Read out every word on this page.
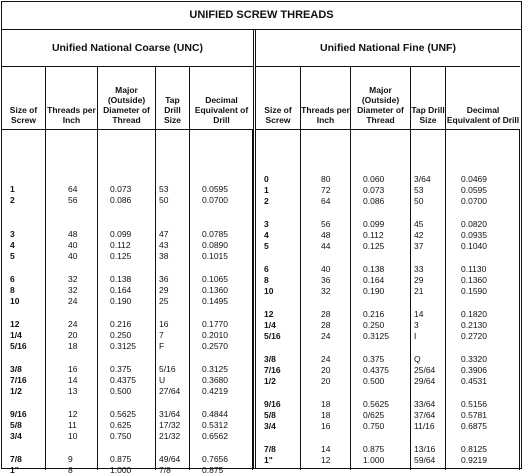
UNIFIED SCREW THREADS
Unified National Coarse (UNC)
Size of Screw
Threads per Inch
Major (Outside) Diameter of Thread
Tap Drill Size
Decimal Equivalent of Drill
1	64	0.073	53	0.0595
2	56	0.086	50	0.0700
3	48	0.099	47	0.0785
4	40	0.112	43	0.0890
5	40	0.125	38	0.1015
6	32	0.138	36	0.1065
8	32	0.164	29	0.1360
10	24	0.190	25	0.1495
12	24	0.216	16	0.1770
1/4	20	0.250	7	0.2010
5/16	18	0.3125	F	0.2570
3/8	16	0.375	5/16	0.3125
7/16	14	0.4375	U	0.3680
1/2	13	0.500	27/64	0.4219
9/16	12	0.5625	31/64	0.4844
5/8	11	0.625	17/32	0.5312
3/4	10	0.750	21/32	0.6562
7/8	9	0.875	49/64	0.7656
1"	8	1.000	7/8	0.875
Unified National Fine (UNF)
Size of Screw
Threads per Inch
Major (Outside) Diameter of Thread
Tap Drill Size
Decimal Equivalent of Drill
0	80	0.060	3/64	0.0469
1	72	0.073	53	0.0595
2	64	0.086	50	0.0700
3	56	0.099	45	0.0820
4	48	0.112	42	0.0935
5	44	0.125	37	0.1040
6	40	0.138	33	0.1130
8	36	0.164	29	0.1360
10	32	0.190	21	0.1590
12	28	0.216	14	0.1820
1/4	28	0.250	3	0.2130
5/16	24	0.3125	I	0.2720
3/8	24	0.375	Q	0.3320
7/16	20	0.4375	25/64	0.3906
1/2	20	0.500	29/64	0.4531
9/16	18	0.5625	33/64	0.5156
5/8	18	0/625	37/64	0.5781
3/4	16	0.750	11/16	0.6875
7/8	14	0.875	13/16	0.8125
1"	12	1.000	59/64	0.9219
